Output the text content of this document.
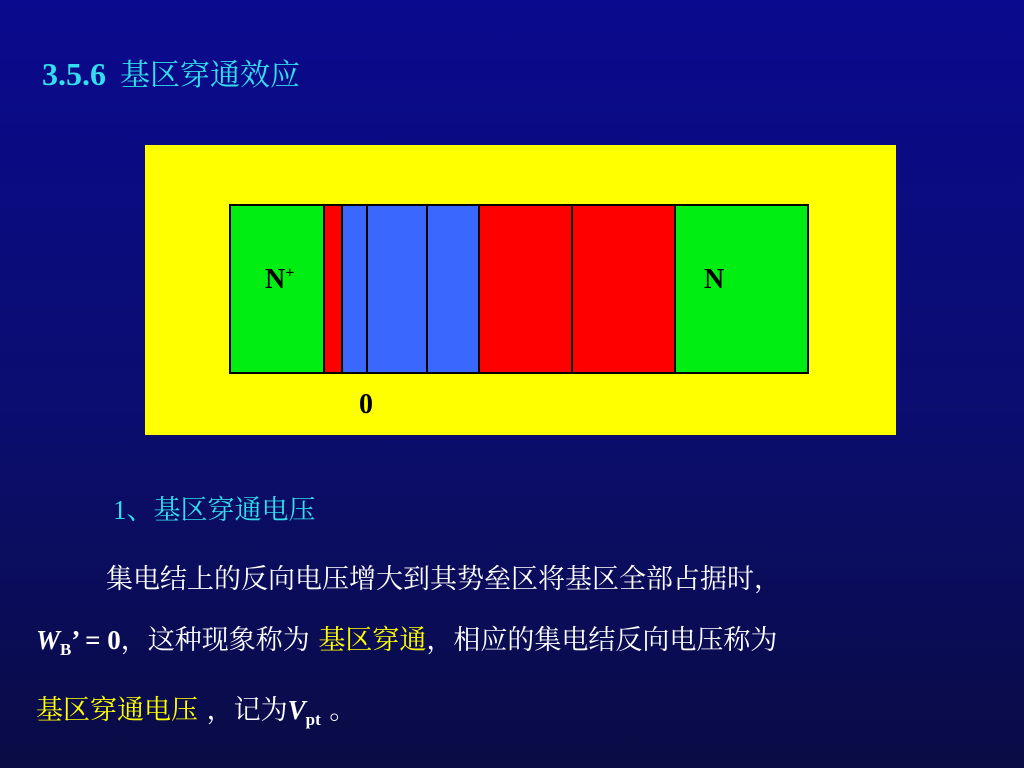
3.5.6 基区穿通效应
N+	N
0
1、基区穿通电压
集电结上的反向电压增大到其势垒区将基区全部占据时，
$W_B$’ = 0，这种现象称为 基区穿通，相应的集电结反向电压称为
基区穿通电压 ，记为$V_{pt}$ 。
